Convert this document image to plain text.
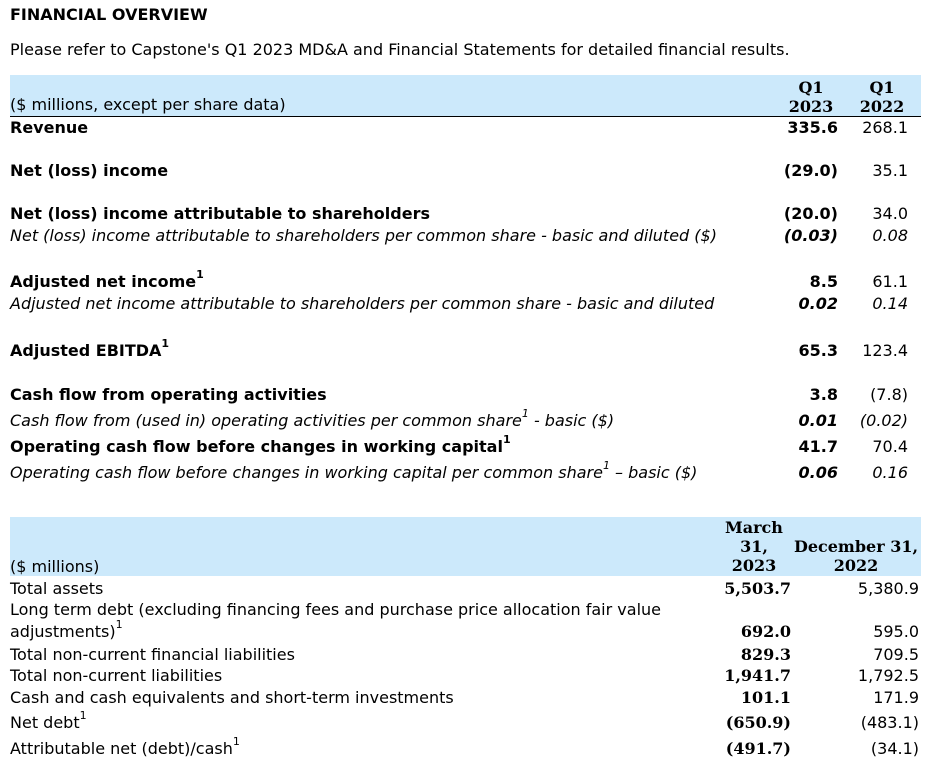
FINANCIAL OVERVIEW
Please refer to Capstone's Q1 2023 MD&A and Financial Statements for detailed financial results.
($ millions, except per share data)
Q1
2023
Q1
2022
Revenue	335.6 268.1
Net (loss) income	(29.0) 35.1
Net (loss) income attributable to shareholders	(20.0) 34.0
Net (loss) income attributable to shareholders per common share - basic and diluted ($)	(0.03) 0.08
Adjusted net income$^1$	8.5 61.1
Adjusted net income attributable to shareholders per common share - basic and diluted	0.02 0.14
Adjusted EBITDA$^1$	65.3 123.4
Cash flow from operating activities	3.8 (7.8)
Cash flow from (used in) operating activities per common share$^1$ - basic ($)	0.01 (0.02)
Operating cash flow before changes in working capital$^1$	41.7 70.4
Operating cash flow before changes in working capital per common share$^1$ – basic ($)	0.06 0.16
($ millions)
March
31,
2023
December 31,
2022
Total assets	5,503.7	5,380.9
Long term debt (excluding financing fees and purchase price allocation fair value adjustments)$^1$	692.0	595.0
Total non-current financial liabilities	829.3	709.5
Total non-current liabilities	1,941.7	1,792.5
Cash and cash equivalents and short-term investments	101.1	171.9
Net debt$^1$	(650.9)	(483.1)
Attributable net (debt)/cash$^1$	(491.7)	(34.1)
